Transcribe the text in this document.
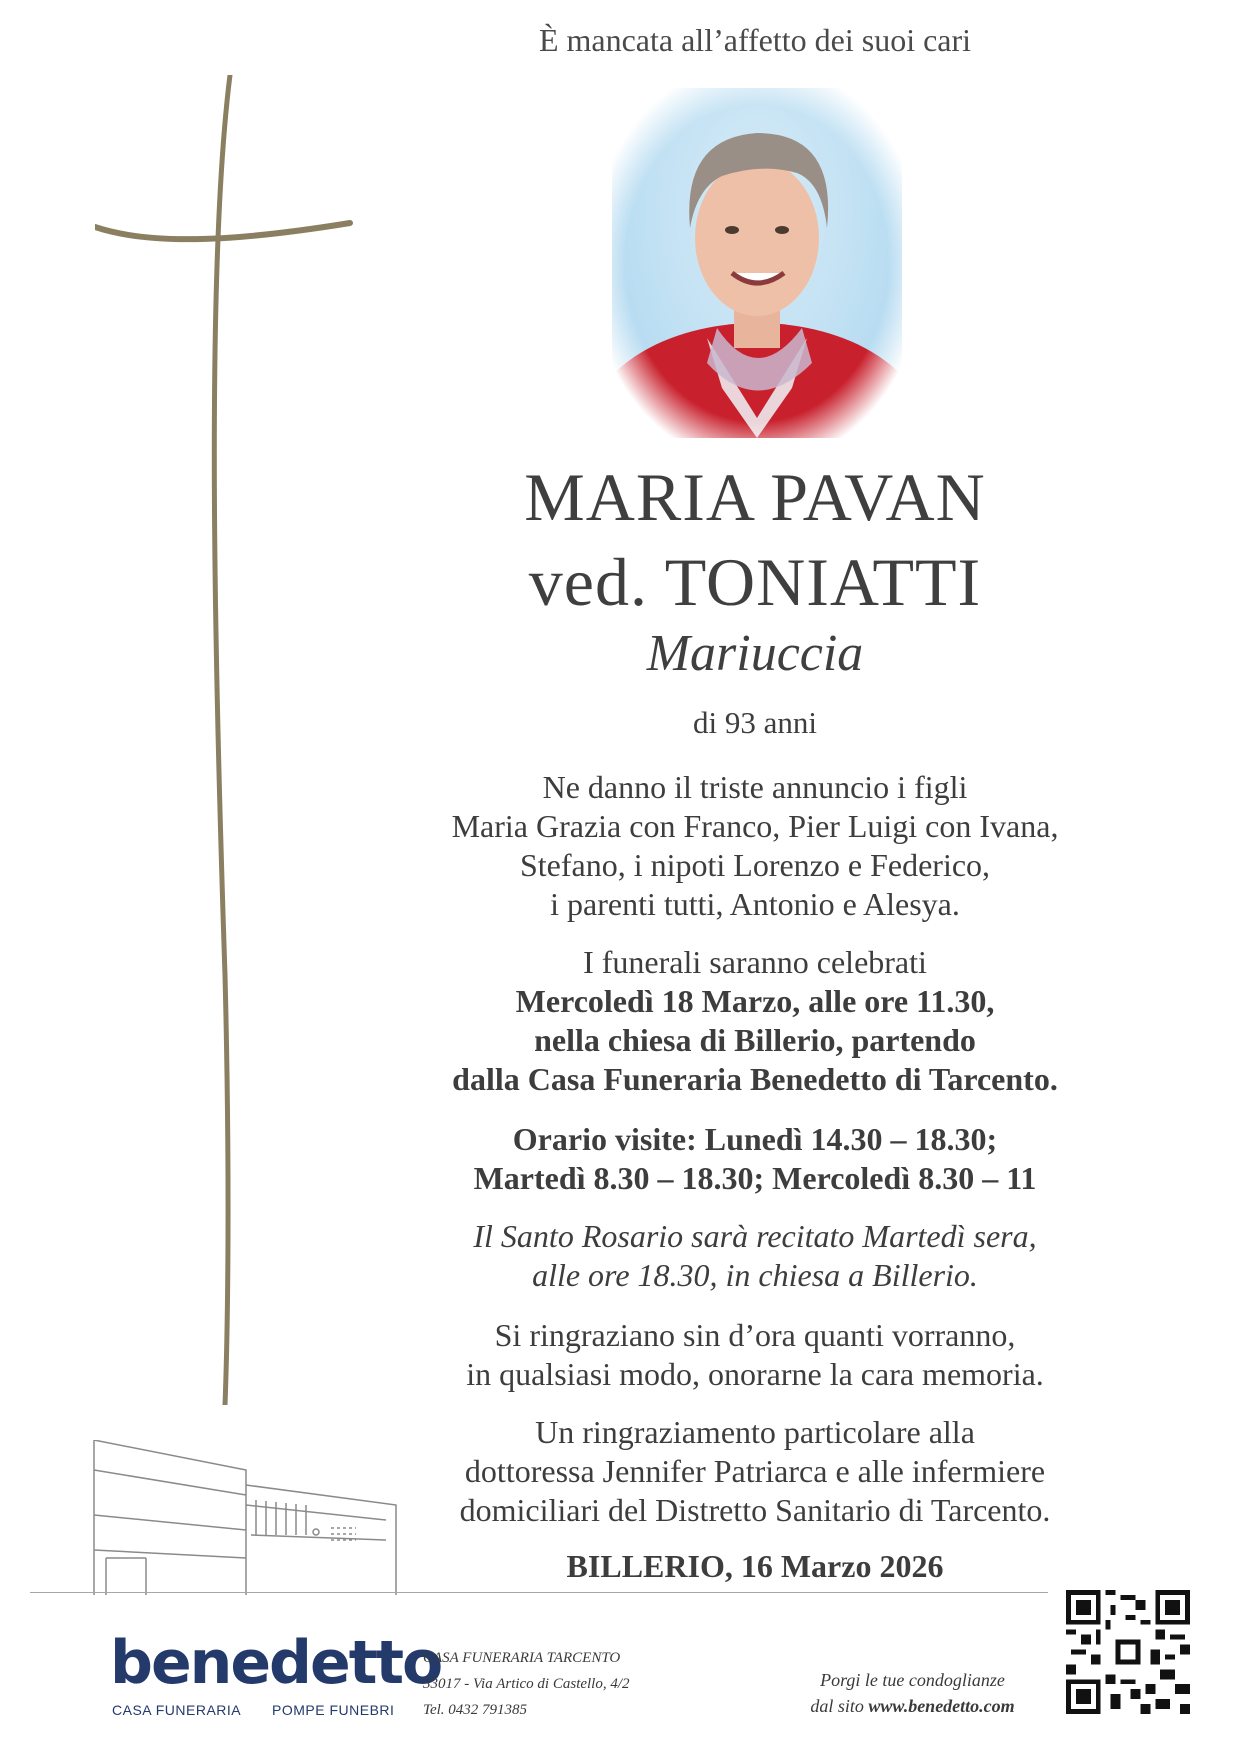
È mancata all’affetto dei suoi cari
MARIA PAVAN
ved. TONIATTI
Mariuccia
di 93 anni
Ne danno il triste annuncio i figli
Maria Grazia con Franco, Pier Luigi con Ivana,
Stefano, i nipoti Lorenzo e Federico,
i parenti tutti, Antonio e Alesya.
I funerali saranno celebrati
Mercoledì 18 Marzo, alle ore 11.30,
nella chiesa di Billerio, partendo
dalla Casa Funeraria Benedetto di Tarcento.
Orario visite: Lunedì 14.30 – 18.30;
Martedì 8.30 – 18.30; Mercoledì 8.30 – 11
Il Santo Rosario sarà recitato Martedì sera,
alle ore 18.30, in chiesa a Billerio.
Si ringraziano sin d’ora quanti vorranno,
in qualsiasi modo, onorarne la cara memoria.
Un ringraziamento particolare alla
dottoressa Jennifer Patriarca e alle infermiere
domiciliari del Distretto Sanitario di Tarcento.
BILLERIO, 16 Marzo 2026
benedetto
CASA FUNERARIA POMPE FUNEBRI
CASA FUNERARIA TARCENTO
33017 - Via Artico di Castello, 4/2
Tel. 0432 791385
Porgi le tue condoglianze
dal sito www.benedetto.com
